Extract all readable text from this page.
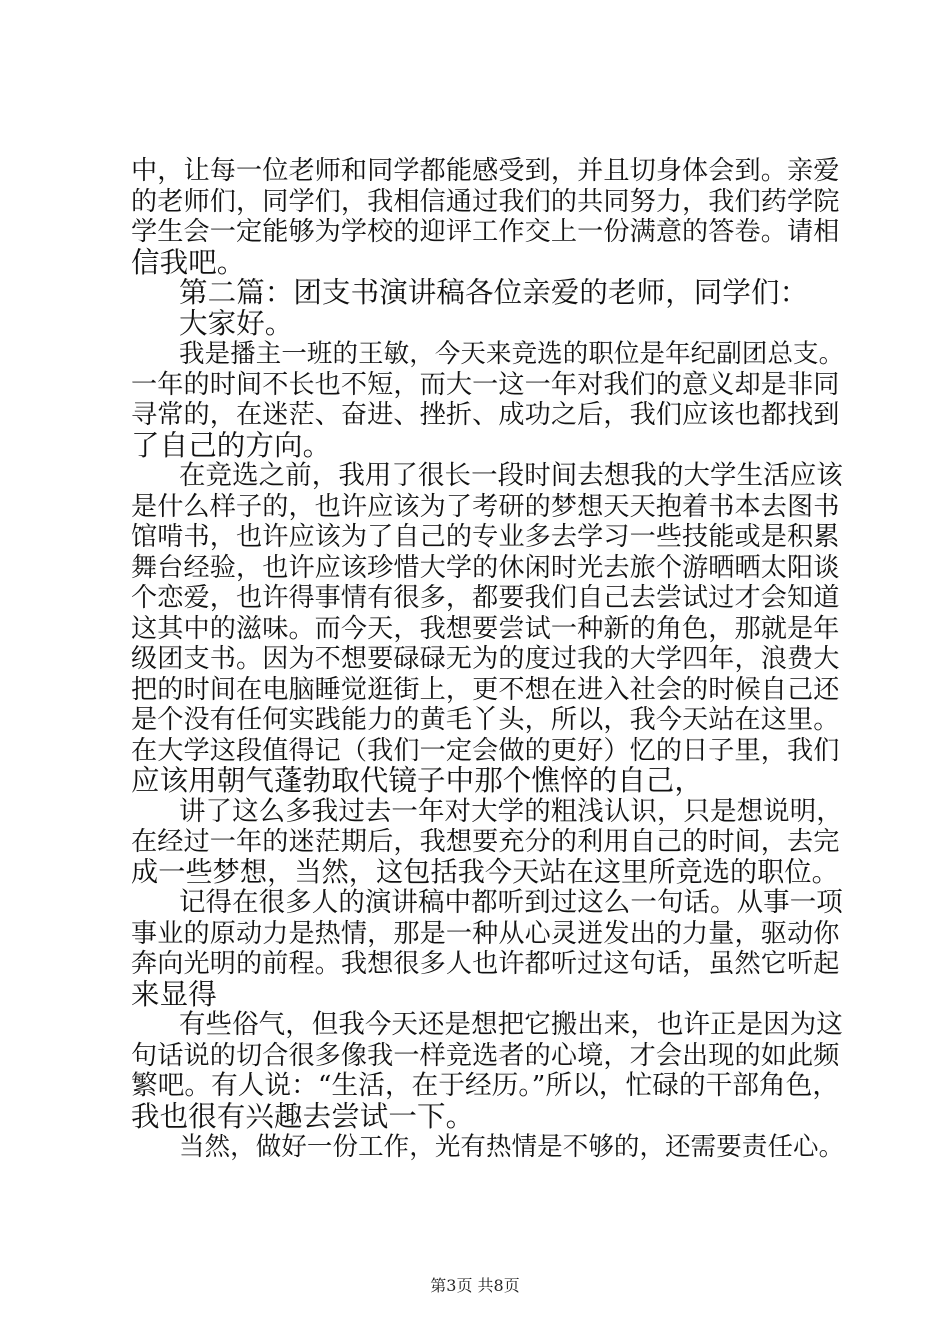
中，让每一位老师和同学都能感受到，并且切身体会到。亲爱
的老师们，同学们，我相信通过我们的共同努力，我们药学院
学生会一定能够为学校的迎评工作交上一份满意的答卷。请相
信我吧。
第二篇：团支书演讲稿各位亲爱的老师，同学们：
大家好。
我是播主一班的王敏，今天来竞选的职位是年纪副团总支。
一年的时间不长也不短，而大一这一年对我们的意义却是非同
寻常的，在迷茫、奋进、挫折、成功之后，我们应该也都找到
了自己的方向。
在竞选之前，我用了很长一段时间去想我的大学生活应该
是什么样子的，也许应该为了考研的梦想天天抱着书本去图书
馆啃书，也许应该为了自己的专业多去学习一些技能或是积累
舞台经验，也许应该珍惜大学的休闲时光去旅个游晒晒太阳谈
个恋爱，也许得事情有很多，都要我们自己去尝试过才会知道
这其中的滋味。而今天，我想要尝试一种新的角色，那就是年
级团支书。因为不想要碌碌无为的度过我的大学四年，浪费大
把的时间在电脑睡觉逛街上，更不想在进入社会的时候自己还
是个没有任何实践能力的黄毛丫头，所以，我今天站在这里。
在大学这段值得记（我们一定会做的更好）忆的日子里，我们
应该用朝气蓬勃取代镜子中那个憔悴的自己，
讲了这么多我过去一年对大学的粗浅认识，只是想说明，
在经过一年的迷茫期后，我想要充分的利用自己的时间，去完
成一些梦想，当然，这包括我今天站在这里所竞选的职位。
记得在很多人的演讲稿中都听到过这么一句话。从事一项
事业的原动力是热情，那是一种从心灵迸发出的力量，驱动你
奔向光明的前程。我想很多人也许都听过这句话，虽然它听起
来显得
有些俗气，但我今天还是想把它搬出来，也许正是因为这
句话说的切合很多像我一样竞选者的心境，才会出现的如此频
繁吧。有人说：“生活，在于经历。”所以，忙碌的干部角色，
我也很有兴趣去尝试一下。
当然，做好一份工作，光有热情是不够的，还需要责任心。
第3页 共8页
